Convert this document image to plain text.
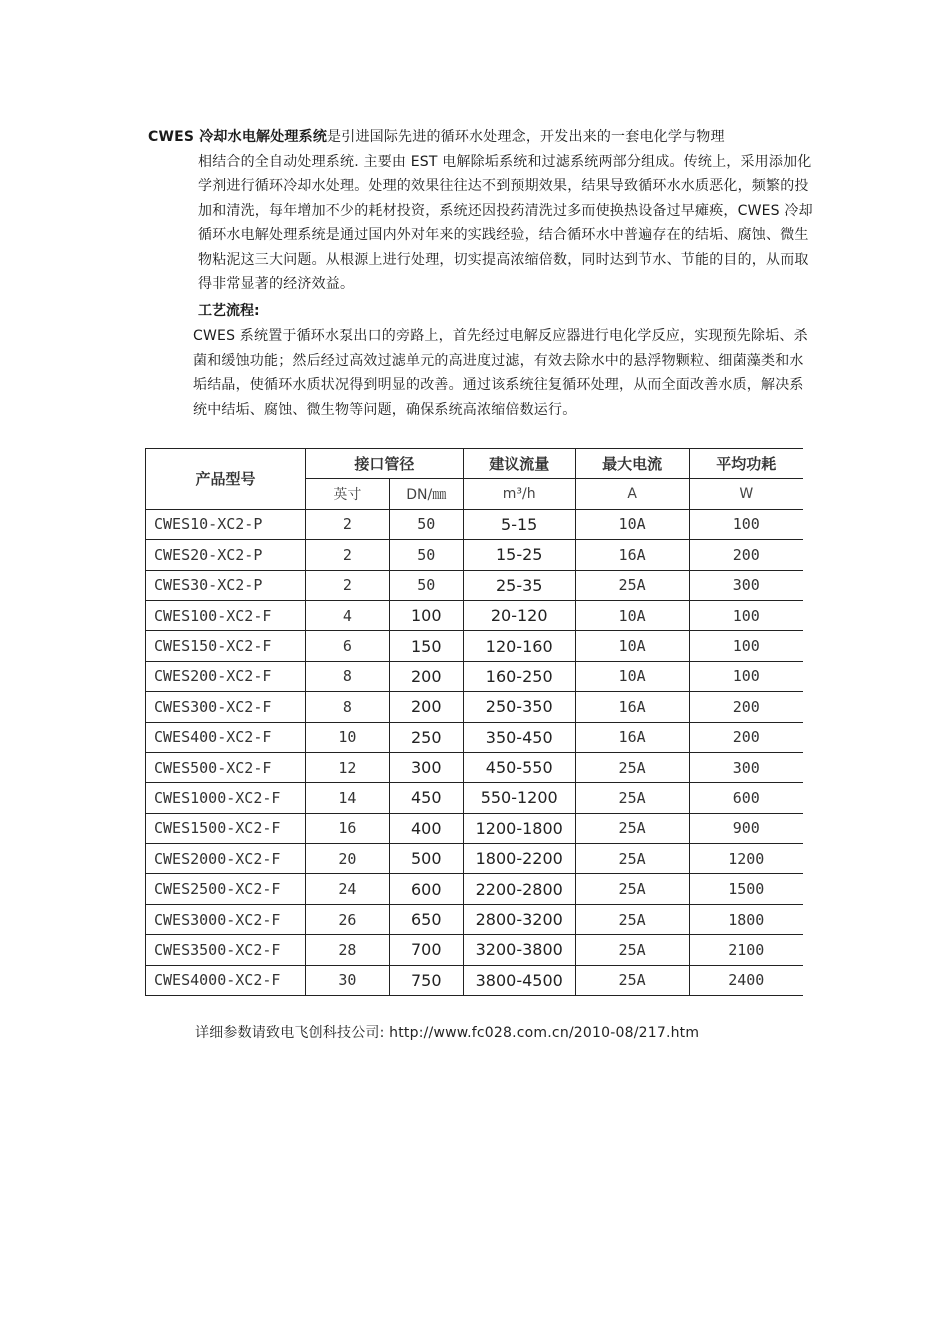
CWES 冷却水电解处理系统是引进国际先进的循环水处理念，开发出来的一套电化学与物理
相结合的全自动处理系统. 主要由 EST 电解除垢系统和过滤系统两部分组成。传统上，采用添加化学剂进行循环冷却水处理。处理的效果往往达不到预期效果，结果导致循环水水质恶化，频繁的投加和清洗，每年增加不少的耗材投资，系统还因投药清洗过多而使换热设备过早瘫痪，CWES 冷却循环水电解处理系统是通过国内外对年来的实践经验，结合循环水中普遍存在的结垢、腐蚀、微生物粘泥这三大问题。从根源上进行处理，切实提高浓缩倍数，同时达到节水、节能的目的，从而取得非常显著的经济效益。
工艺流程:
CWES 系统置于循环水泵出口的旁路上，首先经过电解反应器进行电化学反应，实现预先除垢、杀菌和缓蚀功能；然后经过高效过滤单元的高进度过滤，有效去除水中的悬浮物颗粒、细菌藻类和水垢结晶，使循环水质状况得到明显的改善。通过该系统往复循环处理，从而全面改善水质，解决系统中结垢、腐蚀、微生物等问题，确保系统高浓缩倍数运行。
产品型号	接口管径		建议流量	最大电流	平均功耗
	英寸	DN/㎜	m³/h	A	W
CWES10-XC2-P	2	50	5-15	10A	100
CWES20-XC2-P	2	50	15-25	16A	200
CWES30-XC2-P	2	50	25-35	25A	300
CWES100-XC2-F	4	100	20-120	10A	100
CWES150-XC2-F	6	150	120-160	10A	100
CWES200-XC2-F	8	200	160-250	10A	100
CWES300-XC2-F	8	200	250-350	16A	200
CWES400-XC2-F	10	250	350-450	16A	200
CWES500-XC2-F	12	300	450-550	25A	300
CWES1000-XC2-F	14	450	550-1200	25A	600
CWES1500-XC2-F	16	400	1200-1800	25A	900
CWES2000-XC2-F	20	500	1800-2200	25A	1200
CWES2500-XC2-F	24	600	2200-2800	25A	1500
CWES3000-XC2-F	26	650	2800-3200	25A	1800
CWES3500-XC2-F	28	700	3200-3800	25A	2100
CWES4000-XC2-F	30	750	3800-4500	25A	2400
详细参数请致电飞创科技公司: http://www.fc028.com.cn/2010-08/217.htm
